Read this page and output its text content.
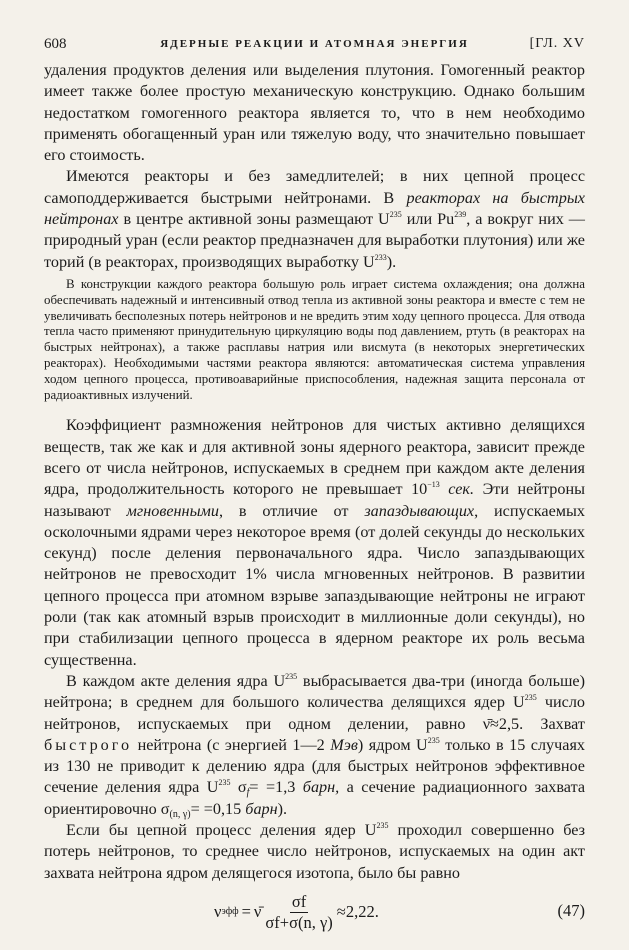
608	ЯДЕРНЫЕ РЕАКЦИИ И АТОМНАЯ ЭНЕРГИЯ	[ГЛ. XV

удаления продуктов деления или выделения плутония. Гомогенный реактор имеет также более простую механическую конструкцию. Однако большим недостатком гомогенного реактора является то, что в нем необходимо применять обогащенный уран или тяжелую воду, что значительно повышает его стоимость.

Имеются реакторы и без замедлителей; в них цепной процесс самоподдерживается быстрыми нейтронами. В реакторах на быстрых нейтронах в центре активной зоны размещают $U^{235}$ или Pu$^{239}$, а вокруг них — природный уран (если реактор предназначен для выработки плутония) или же торий (в реакторах, производящих выработку $U^{233}$).

В конструкции каждого реактора большую роль играет система охлаждения; она должна обеспечивать надежный и интенсивный отвод тепла из активной зоны реактора и вместе с тем не увеличивать бесполезных потерь нейтронов и не вредить этим ходу цепного процесса. Для отвода тепла часто применяют принудительную циркуляцию воды под давлением, ртуть (в реакторах на быстрых нейтронах), а также расплавы натрия или висмута (в некоторых энергетических реакторах). Необходимыми частями реактора являются: автоматическая система управления ходом цепного процесса, противоаварийные приспособления, надежная защита персонала от радиоактивных излучений.

Коэффициент размножения нейтронов для чистых активно делящихся веществ, так же как и для активной зоны ядерного реактора, зависит прежде всего от числа нейтронов, испускаемых в среднем при каждом акте деления ядра, продолжительность которого не превышает $10^{-13}$ сек. Эти нейтроны называют мгновенными, в отличие от запаздывающих, испускаемых осколочными ядрами через некоторое время (от долей секунды до нескольких секунд) после деления первоначального ядра. Число запаздывающих нейтронов не превосходит 1% числа мгновенных нейтронов. В развитии цепного процесса при атомном взрыве запаздывающие нейтроны не играют роли (так как атомный взрыв происходит в миллионные доли секунды), но при стабилизации цепного процесса в ядерном реакторе их роль весьма существенна.

В каждом акте деления ядра $U^{235}$ выбрасывается два-три (иногда больше) нейтрона; в среднем для большого количества делящихся ядер $U^{235}$ число нейтронов, испускаемых при одном делении, равно ν̄≈2,5. Захват быстрого нейтрона (с энергией 1—2 Мэв) ядром $U^{235}$ только в 15 случаях из 130 не приводит к делению ядра (для быстрых нейтронов эффективное сечение деления ядра $U^{235}$ $\sigma_f= =1,3$ барн, а сечение радиационного захвата ориентировочно $\sigma_{(n, \gamma)}= =0,15$ барн).

Если бы цепной процесс деления ядер $U^{235}$ проходил совершенно без потерь нейтронов, то среднее число нейтронов, испускаемых на один акт захвата нейтрона ядром делящегося изотопа, было бы равно

ν эфф = ν̄ $\frac{\sigma f}{\sigma f+\sigma(n, \gamma)} \approx 2,22$.	(47)
